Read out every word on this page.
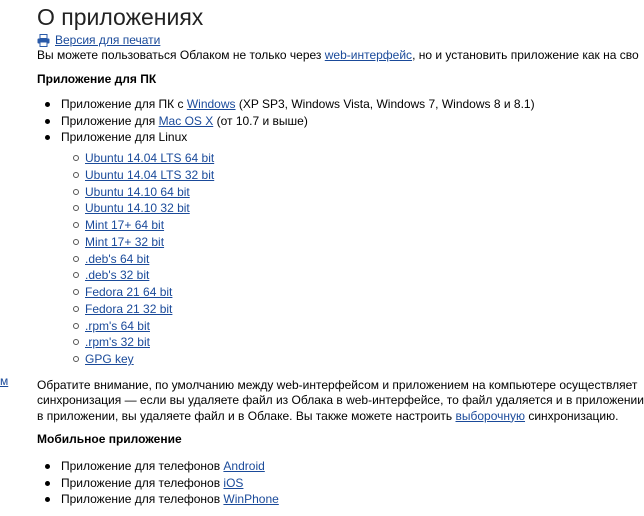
м
О приложениях
Версия для печати
Вы можете пользоваться Облаком не только через web-интерфейс, но и установить приложение как на сво
Приложение для ПК
Приложение для ПК с Windows (XP SP3, Windows Vista, Windows 7, Windows 8 и 8.1)
Приложение для Mac OS X (от 10.7 и выше)
Приложение для Linux
Ubuntu 14.04 LTS 64 bit
Ubuntu 14.04 LTS 32 bit
Ubuntu 14.10 64 bit
Ubuntu 14.10 32 bit
Mint 17+ 64 bit
Mint 17+ 32 bit
.deb's 64 bit
.deb's 32 bit
Fedora 21 64 bit
Fedora 21 32 bit
.rpm's 64 bit
.rpm's 32 bit
GPG key
Обратите внимание, по умолчанию между web-интерфейсом и приложением на компьютере осуществляет
синхронизация — если вы удаляете файл из Облака в web-интерфейсе, то файл удаляется и в приложении
в приложении, вы удаляете файл и в Облаке. Вы также можете настроить выборочную синхронизацию.
Мобильное приложение
Приложение для телефонов Android
Приложение для телефонов iOS
Приложение для телефонов WinPhone
